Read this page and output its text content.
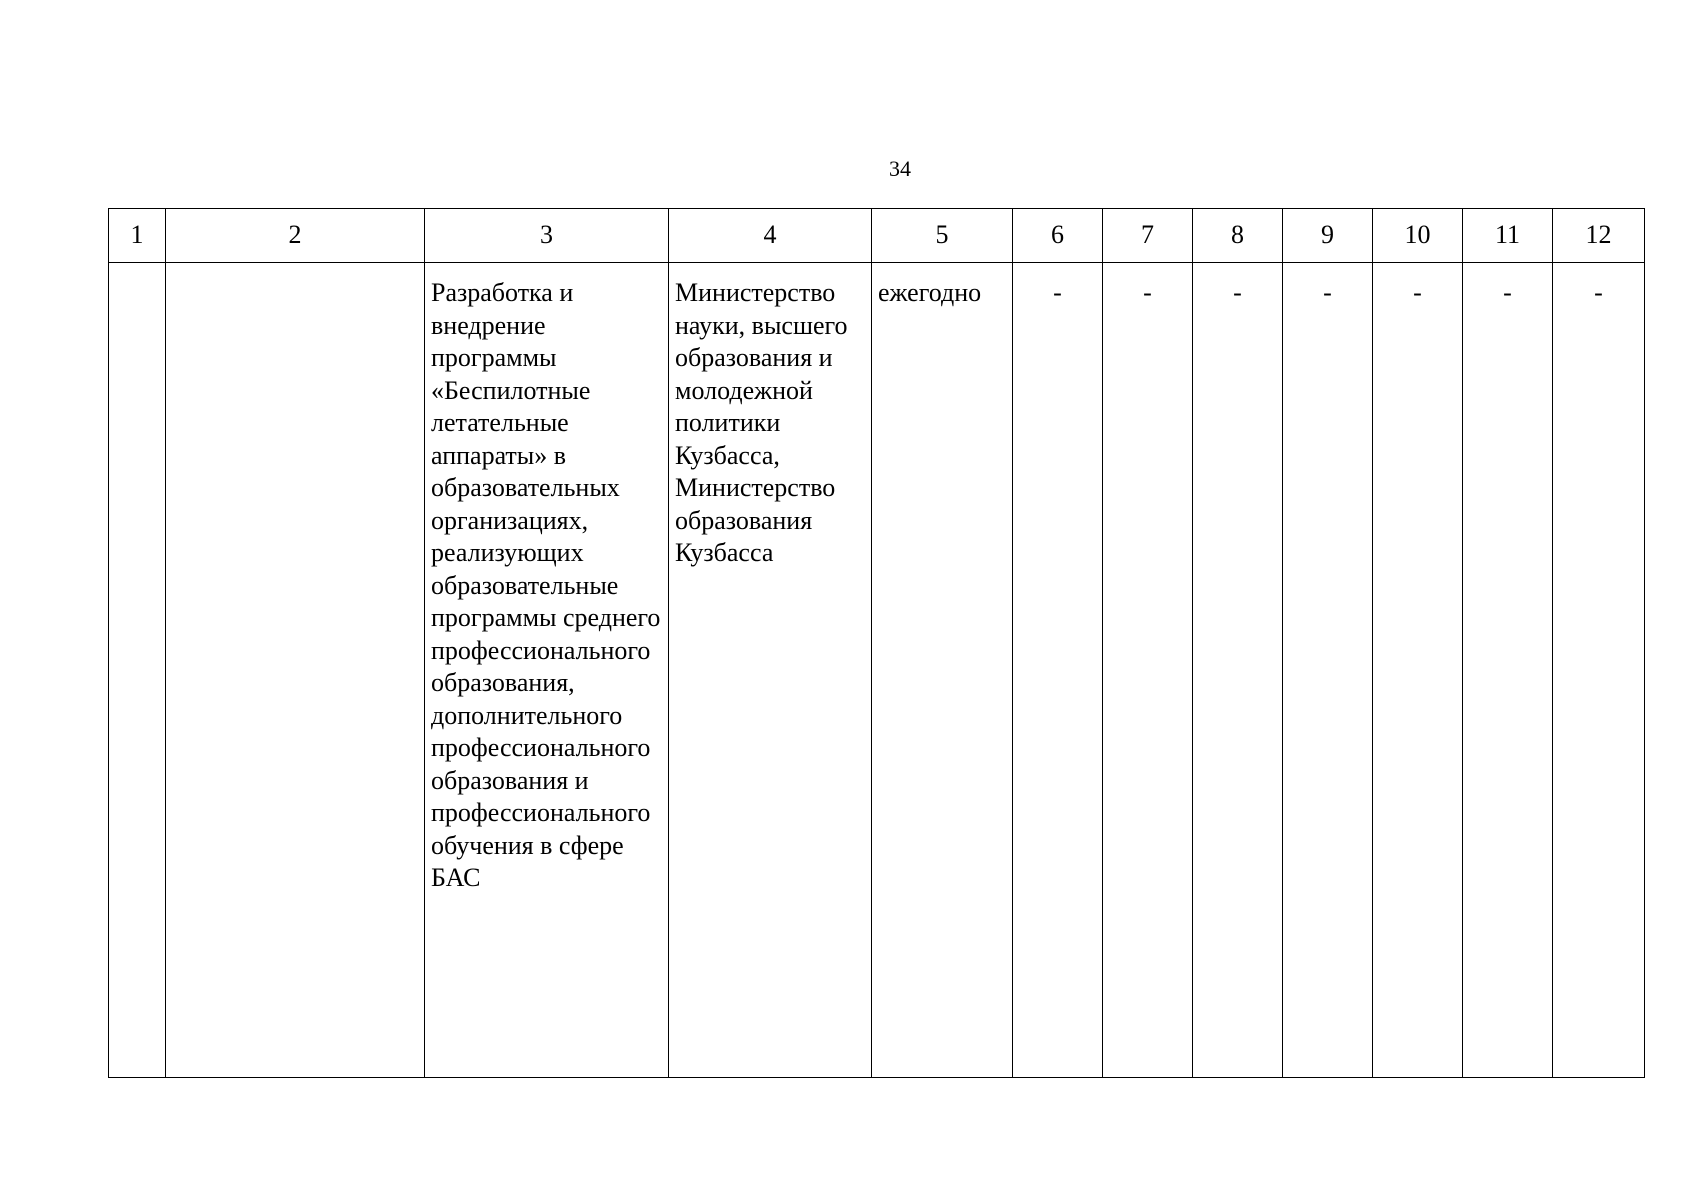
34
1	2	3	4	5	6	7	8	9	10	11	12

		Разработка и внедрение программы «Беспилотные летательные аппараты» в образовательных организациях, реализующих образовательные программы среднего профессионального образования, дополнительного профессионального образования и профессионального обучения в сфере БАС	Министерство науки, высшего образования и молодежной политики Кузбасса, Министерство образования Кузбасса	ежегодно	-	-	-	-	-	-	-
